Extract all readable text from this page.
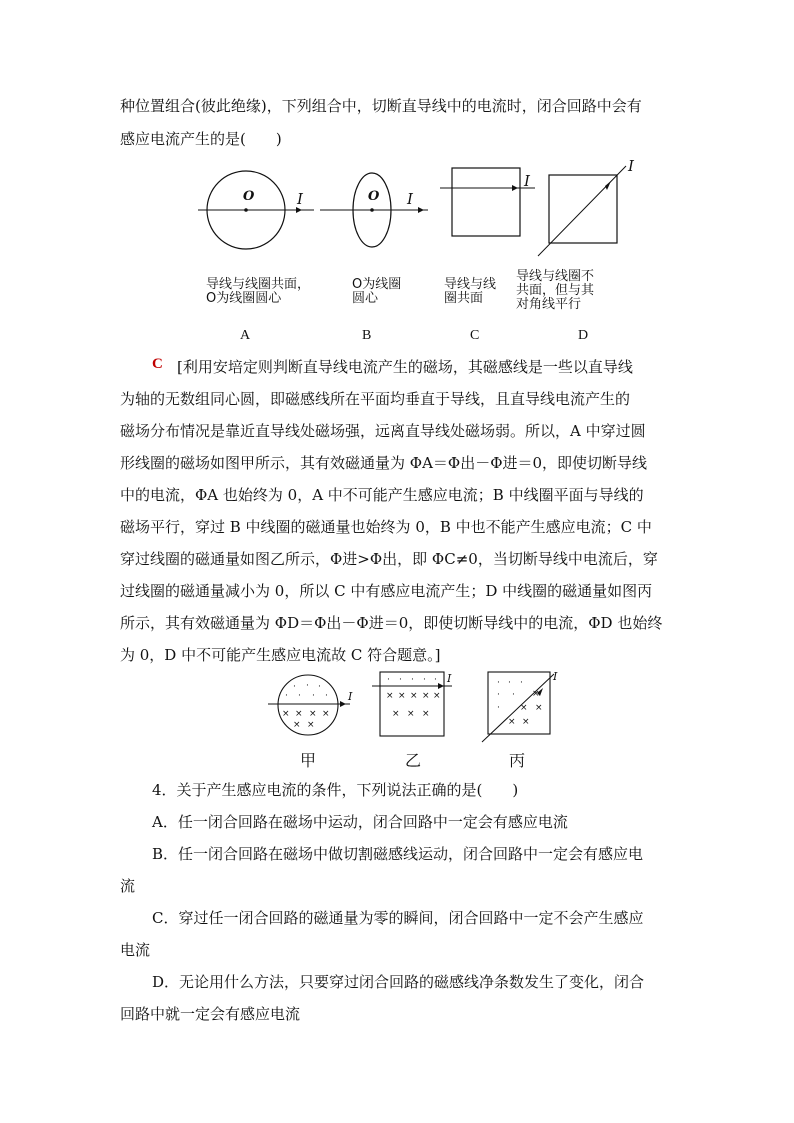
种位置组合(彼此绝缘)，下列组合中，切断直导线中的电流时，闭合回路中会有
感应电流产生的是(　　)
O	I	O I
I
I
导线与线圈共面，
O为线圈圆心
O为线圈
圆心
导线与线
圈共面
导线与线圈不
共面，但与其
对角线平行
A	B	C	D
C [利用安培定则判断直导线电流产生的磁场，其磁感线是一些以直导线
为轴的无数组同心圆，即磁感线所在平面均垂直于导线，且直导线电流产生的
磁场分布情况是靠近直导线处磁场强，远离直导线处磁场弱。所以，A 中穿过圆
形线圈的磁场如图甲所示，其有效磁通量为 ΦA＝Φ出－Φ进＝0，即使切断导线
中的电流，ΦA 也始终为 0，A 中不可能产生感应电流；B 中线圈平面与导线的
磁场平行，穿过 B 中线圈的磁通量也始终为 0，B 中也不能产生感应电流；C 中
穿过线圈的磁通量如图乙所示，Φ进>Φ出，即 ΦC≠0，当切断导线中电流后，穿
过线圈的磁通量减小为 0，所以 C 中有感应电流产生；D 中线圈的磁通量如图丙
所示，其有效磁通量为 ΦD＝Φ出－Φ进＝0，即使切断导线中的电流，ΦD 也始终
为 0，D 中不可能产生感应电流故 C 符合题意。]
· · ·
· · · ·
× × × ×
× ×
· · · · ·
× × × × ×
× × ×
· · ·
· ·
·
×
× ×
× ×
I
I	I
甲	乙	丙
4．关于产生感应电流的条件，下列说法正确的是(　　)
A．任一闭合回路在磁场中运动，闭合回路中一定会有感应电流
B．任一闭合回路在磁场中做切割磁感线运动，闭合回路中一定会有感应电
流
C．穿过任一闭合回路的磁通量为零的瞬间，闭合回路中一定不会产生感应
电流
D．无论用什么方法，只要穿过闭合回路的磁感线净条数发生了变化，闭合
回路中就一定会有感应电流
